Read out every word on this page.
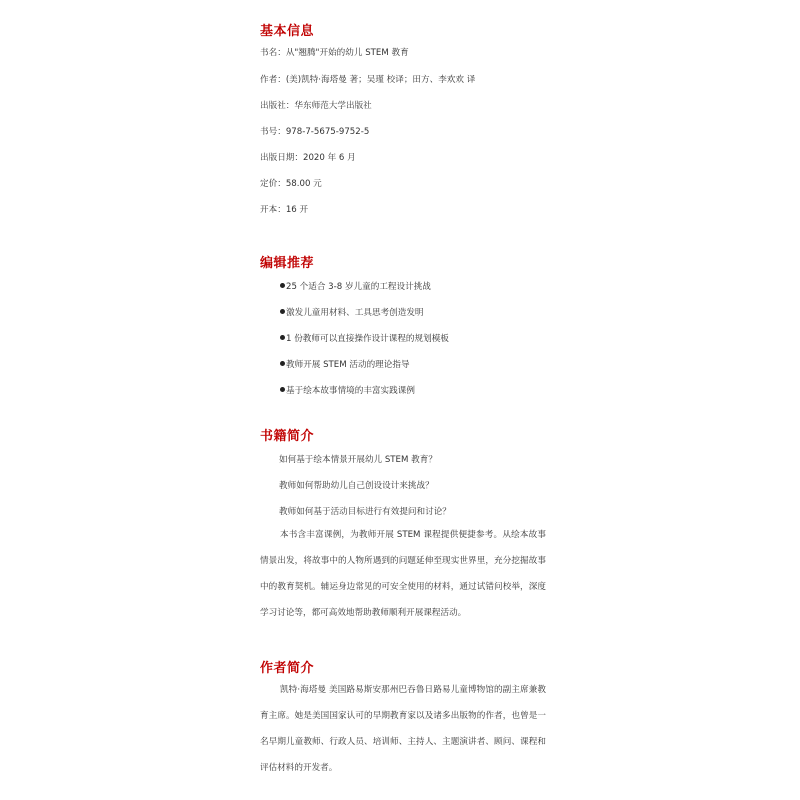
基本信息
书名 ： 从"翘腾"开始的幼儿 STEM 教育
作者 ： (美)凯特·海塔曼 著；吴瑾 校译；田方、李欢欢 译
出版社 ： 华东师范大学出版社
书号 ： 978-7-5675-9752-5
出版日期 ： 2020 年 6 月
定价 ： 58.00 元
开本 ： 16 开
编辑推荐
25 个适合 3-8 岁儿童的工程设计挑战
激发儿童用材料、工具思考创造发明
1 份教师可以直接操作设计课程的规划模板
教师开展 STEM 活动的理论指导
基于绘本故事情境的丰富实践课例
书籍简介
如何基于绘本情景开展幼儿 STEM 教育？
教师如何帮助幼儿自己创设设计来挑战？
教师如何基于活动目标进行有效提问和讨论？
本书含丰富课例，为教师开展 STEM 课程提供便捷参考。从绘本故事情景出发，将故事中的人物所遇到的问题延伸至现实世界里，充分挖掘故事中的教育契机。辅运身边常见的可安全使用的材料，通过试错问校举，深度学习讨论等，都可高效地帮助教师顺利开展课程活动。
作者简介
凯特·海塔曼 美国路易斯安那州巴吞鲁日路易儿童博物馆的副主席兼教育主席。她是美国国家认可的早期教育家以及诸多出版物的作者，也曾是一名早期儿童教师、行政人员、培训师、主持人、主题演讲者、顾问、课程和评估材料的开发者。
